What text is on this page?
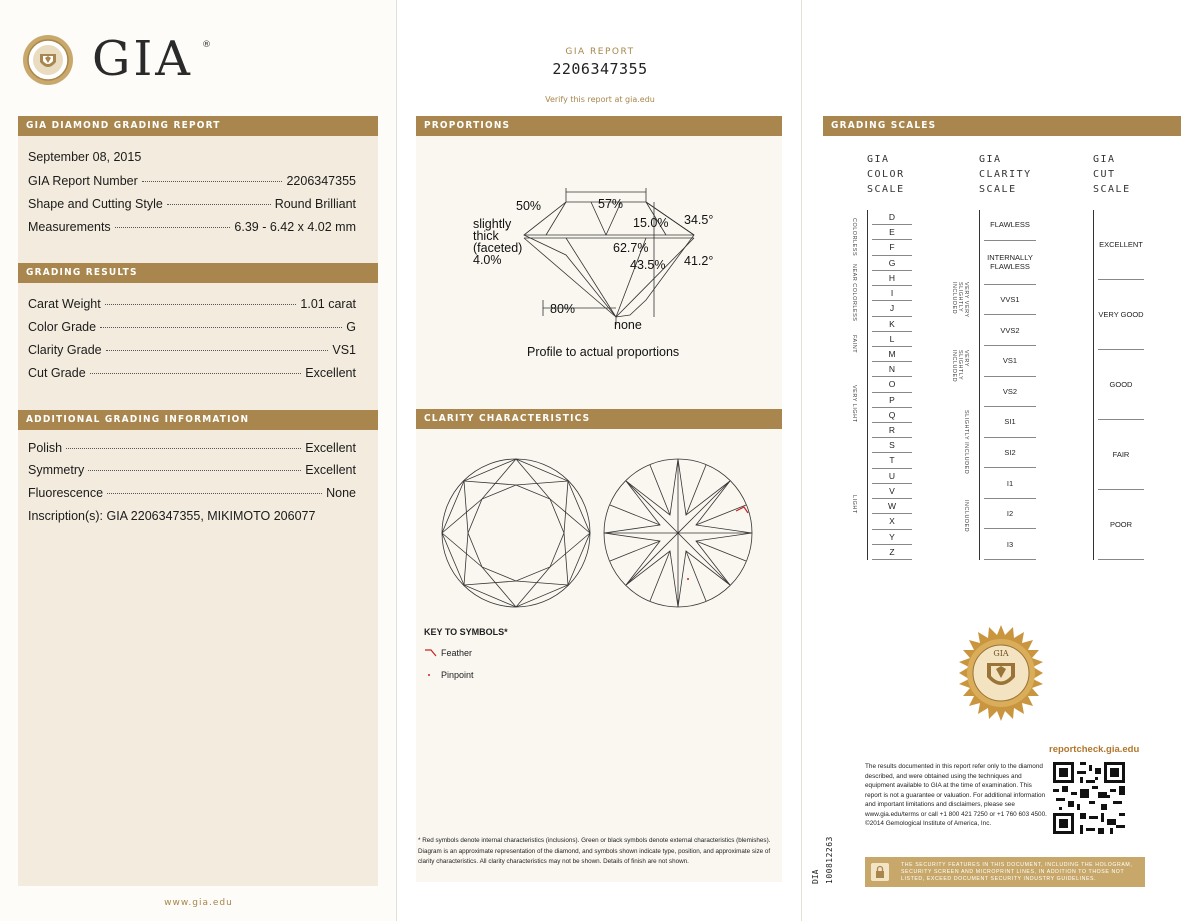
GIA ®
GIA DIAMOND GRADING REPORT
September 08, 2015
GIA Report Number	2206347355
Shape and Cutting Style	Round Brilliant
Measurements	6.39 - 6.42 x 4.02 mm
GRADING RESULTS
Carat Weight	1.01 carat
Color Grade	G
Clarity Grade	VS1
Cut Grade	Excellent
ADDITIONAL GRADING INFORMATION
Polish	Excellent
Symmetry	Excellent
Fluorescence	None
Inscription(s): GIA 2206347355, MIKIMOTO 206077
www.gia.edu
GIA REPORT
2206347355
Verify this report at gia.edu
PROPORTIONS
50%	57%
15.0% 34.5°
slightly
thick
(faceted)
4.0%
62.7%
43.5% 41.2°
80%
none
Profile to actual proportions
CLARITY CHARACTERISTICS
KEY TO SYMBOLS*
Feather
Pinpoint
* Red symbols denote internal characteristics (inclusions). Green or black symbols denote external characteristics (blemishes). Diagram is an approximate representation of the diamond, and symbols shown indicate type, position, and approximate size of clarity characteristics. All clarity characteristics may not be shown. Details of finish are not shown.
GRADING SCALES
GIA
COLOR
SCALE
GIA
CLARITY
SCALE
GIA
CUT
SCALE
D
E
F
G
H
I
J
K
L
M
N
O
P
Q
R
S
T
U
V
W
X
Y
Z
FLAWLESS
INTERNALLY FLAWLESS
VVS1
VVS2
VS1
VS2
SI1
SI2
I1
I2
I3
EXCELLENT
VERY GOOD
GOOD
FAIR
POOR
COLORLESS
NEAR COLORLESS
FAINT
VERY LIGHT
LIGHT
VERY VERY SLIGHTLY INCLUDED
VERY SLIGHTLY INCLUDED
SLIGHTLY INCLUDED
INCLUDED
GIA
reportcheck.gia.edu
The results documented in this report refer only to the diamond described, and were obtained using the techniques and equipment available to GIA at the time of examination. This report is not a guarantee or valuation. For additional information and important limitations and disclaimers, please see www.gia.edu/terms or call +1 800 421 7250 or +1 760 603 4500. ©2014 Gemological Institute of America, Inc.
DIA 100812263	THE SECURITY FEATURES IN THIS DOCUMENT, INCLUDING THE HOLOGRAM, SECURITY SCREEN AND MICROPRINT LINES, IN ADDITION TO THOSE NOT LISTED, EXCEED DOCUMENT SECURITY INDUSTRY GUIDELINES.
